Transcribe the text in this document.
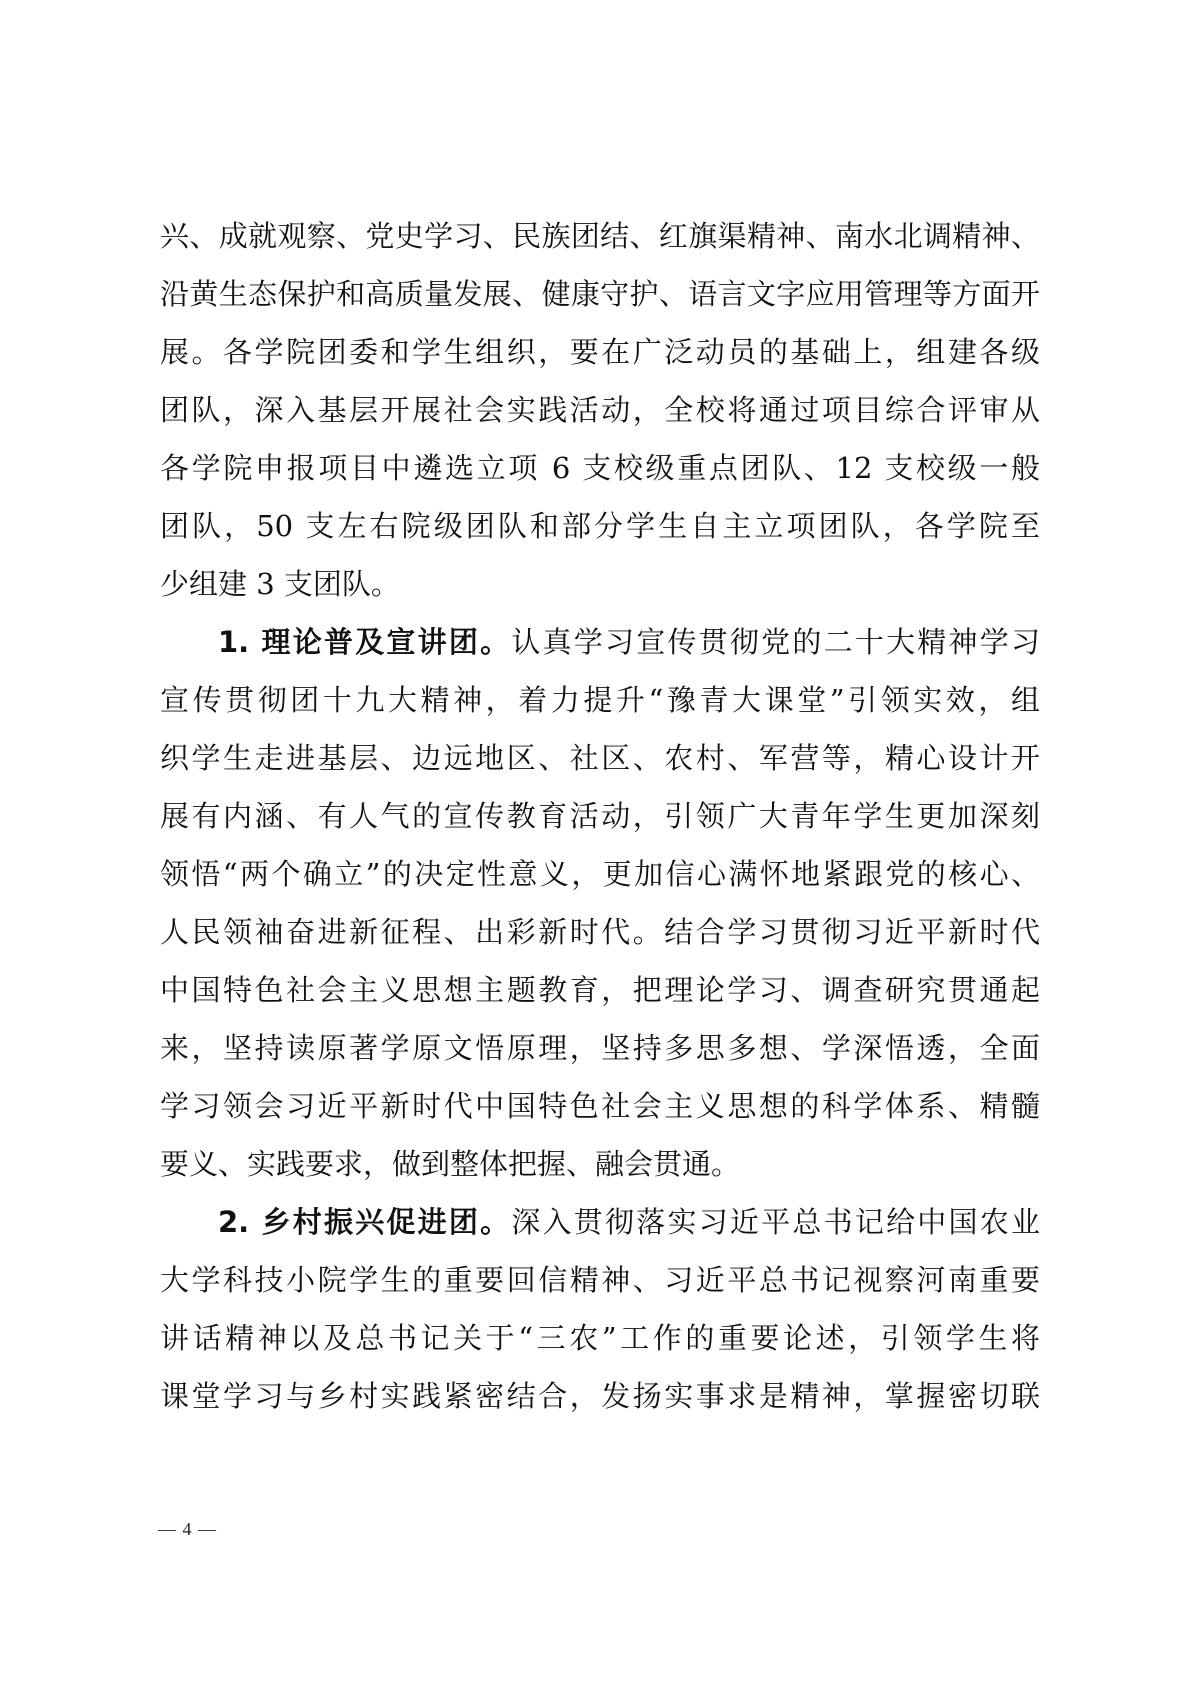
兴、成就观察、党史学习、民族团结、红旗渠精神、南水北调精神、
沿黄生态保护和高质量发展、健康守护、语言文字应用管理等方面开
展。各学院团委和学生组织，要在广泛动员的基础上，组建各级
团队，深入基层开展社会实践活动，全校将通过项目综合评审从
各学院申报项目中遴选立项 6 支校级重点团队、12 支校级一般
团队，50 支左右院级团队和部分学生自主立项团队，各学院至
少组建 3 支团队。
1. 理论普及宣讲团。认真学习宣传贯彻党的二十大精神学习
宣传贯彻团十九大精神，着力提升“豫青大课堂”引领实效，组
织学生走进基层、边远地区、社区、农村、军营等，精心设计开
展有内涵、有人气的宣传教育活动，引领广大青年学生更加深刻
领悟“两个确立”的决定性意义，更加信心满怀地紧跟党的核心、
人民领袖奋进新征程、出彩新时代。结合学习贯彻习近平新时代
中国特色社会主义思想主题教育，把理论学习、调查研究贯通起
来，坚持读原著学原文悟原理，坚持多思多想、学深悟透，全面
学习领会习近平新时代中国特色社会主义思想的科学体系、精髓
要义、实践要求，做到整体把握、融会贯通。
2. 乡村振兴促进团。深入贯彻落实习近平总书记给中国农业
大学科技小院学生的重要回信精神、习近平总书记视察河南重要
讲话精神以及总书记关于“三农”工作的重要论述，引领学生将
课堂学习与乡村实践紧密结合，发扬实事求是精神，掌握密切联
— 4 —
